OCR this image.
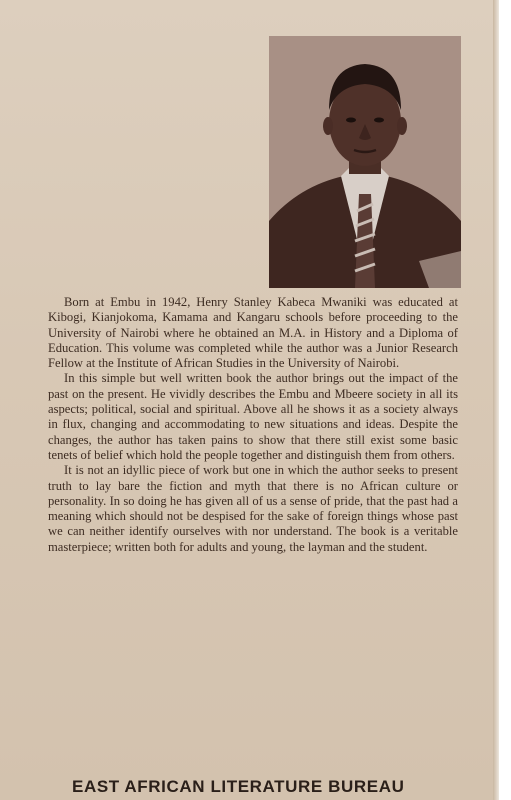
Born at Embu in 1942, Henry Stanley Kabeca Mwaniki was educated at Kibogi, Kianjokoma, Kamama and Kangaru schools before proceeding to the University of Nairobi where he obtained an M.A. in History and a Diploma of Education. This volume was completed while the author was a Junior Research Fellow at the Institute of African Studies in the University of Nairobi.

In this simple but well written book the author brings out the impact of the past on the present. He vividly describes the Embu and Mbeere society in all its aspects; political, social and spiritual. Above all he shows it as a society always in flux, changing and accommodating to new situations and ideas. Despite the changes, the author has taken pains to show that there still exist some basic tenets of belief which hold the people together and distinguish them from others.

It is not an idyllic piece of work but one in which the author seeks to present truth to lay bare the fiction and myth that there is no African culture or personality. In so doing he has given all of us a sense of pride, that the past had a meaning which should not be despised for the sake of foreign things whose past we can neither identify ourselves with nor understand. The book is a veritable masterpiece; written both for adults and young, the layman and the student.

EAST AFRICAN LITERATURE BUREAU
